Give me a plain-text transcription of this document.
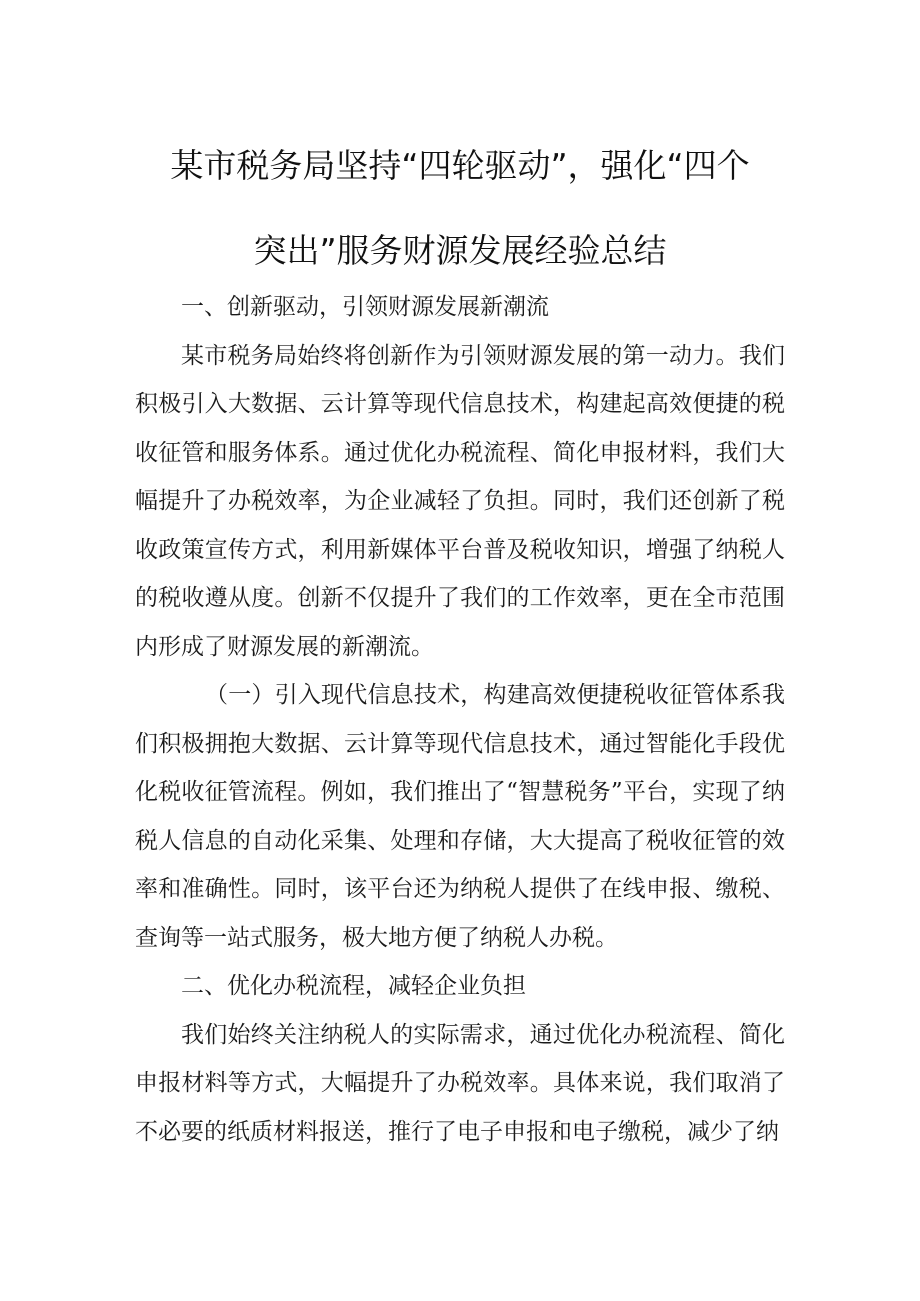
某市税务局坚持“四轮驱动”，强化“四个
突出”服务财源发展经验总结

一、创新驱动，引领财源发展新潮流

某市税务局始终将创新作为引领财源发展的第一动力。我们积极引入大数据、云计算等现代信息技术，构建起高效便捷的税收征管和服务体系。通过优化办税流程、简化申报材料，我们大幅提升了办税效率，为企业减轻了负担。同时，我们还创新了税收政策宣传方式，利用新媒体平台普及税收知识，增强了纳税人的税收遵从度。创新不仅提升了我们的工作效率，更在全市范围内形成了财源发展的新潮流。

（一）引入现代信息技术，构建高效便捷税收征管体系我们积极拥抱大数据、云计算等现代信息技术，通过智能化手段优化税收征管流程。例如，我们推出了“智慧税务”平台，实现了纳税人信息的自动化采集、处理和存储，大大提高了税收征管的效率和准确性。同时，该平台还为纳税人提供了在线申报、缴税、查询等一站式服务，极大地方便了纳税人办税。

二、优化办税流程，减轻企业负担

我们始终关注纳税人的实际需求，通过优化办税流程、简化申报材料等方式，大幅提升了办税效率。具体来说，我们取消了不必要的纸质材料报送，推行了电子申报和电子缴税，减少了纳
